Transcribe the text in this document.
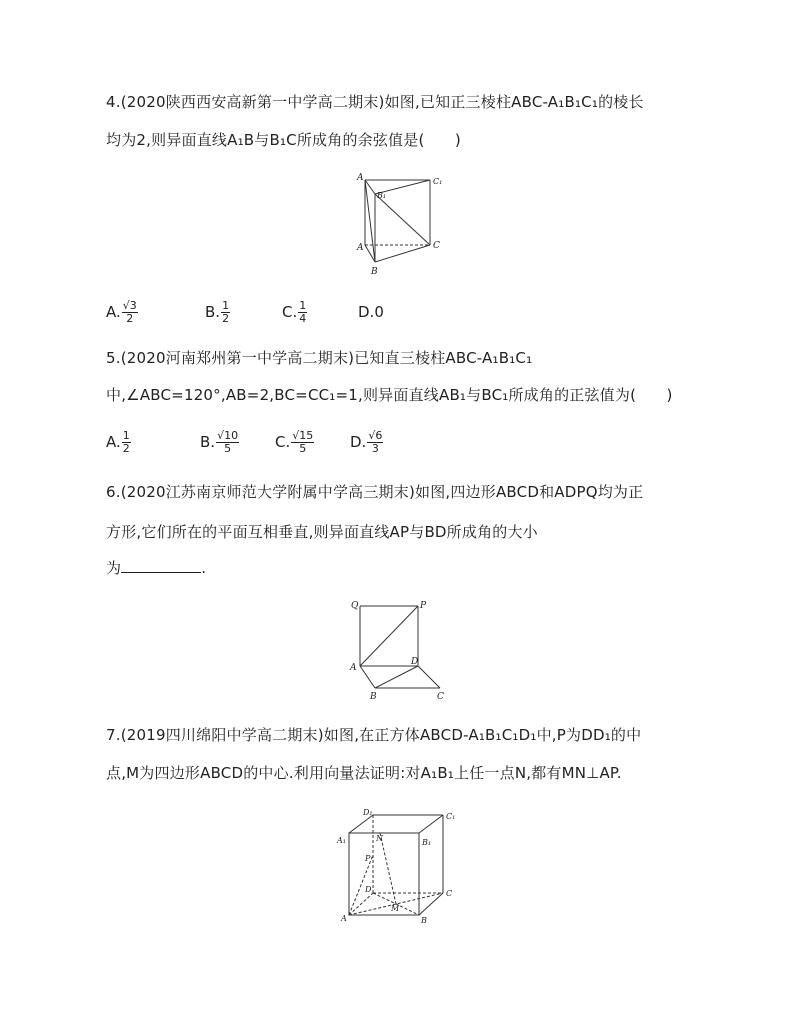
4.(2020陕西西安高新第一中学高二期末)如图,已知正三棱柱ABC-A₁B₁C₁的棱长
均为2,则异面直线A₁B与B₁C所成角的余弦值是(　　)
A
B₁
C₁
A
B
C
A. $\frac{√3}{2}$	B. $\frac{1}{2}$	C. $\frac{1}{4}$	D.0
5.(2020河南郑州第一中学高二期末)已知直三棱柱ABC-A₁B₁C₁
中,∠ABC=120°,AB=2,BC=CC₁=1,则异面直线AB₁与BC₁所成角的正弦值为(　　)
A. $\frac{1}{2}$	B. $\frac{√10}{5} C$. $\frac{√15}{5} D$. $\frac{√6}{3}$
6.(2020江苏南京师范大学附属中学高三期末)如图,四边形ABCD和ADPQ均为正
方形,它们所在的平面互相垂直,则异面直线AP与BD所成角的大小
为	.
Q	P
A
D
B	C
7.(2019四川绵阳中学高二期末)如图,在正方体ABCD-A₁B₁C₁D₁中,P为DD₁的中
点,M为四边形ABCD的中心.利用向量法证明:对A₁B₁上任一点N,都有MN⊥AP.
D₁	C₁
A₁	B₁
N
P
D	C
M
A	B
